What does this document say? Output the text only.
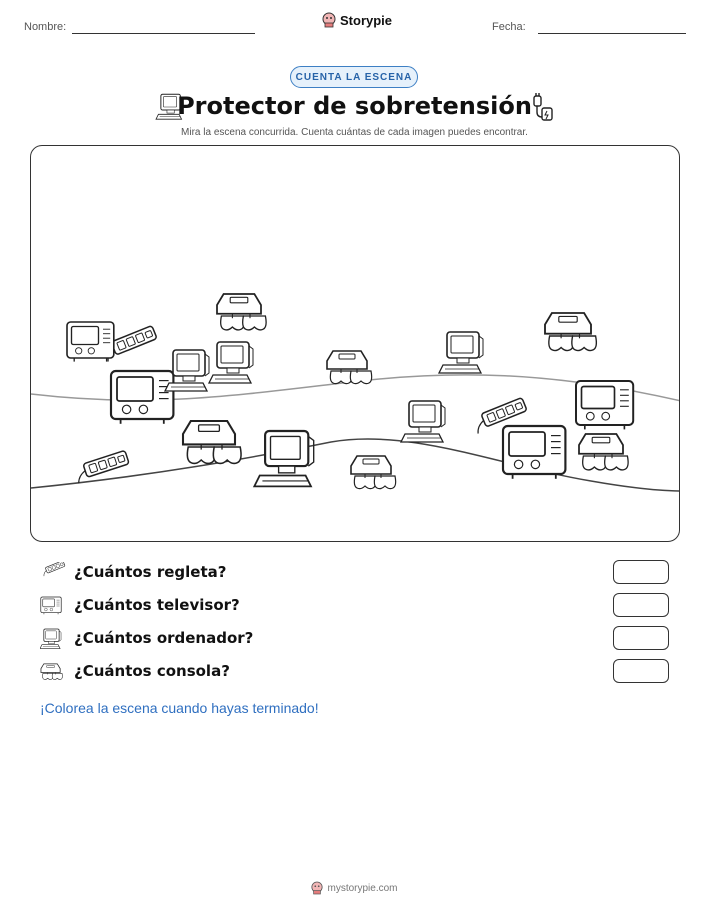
Nombre:	Storypie	Fecha:
CUENTA LA ESCENA
Protector de sobretensión
Mira la escena concurrida. Cuenta cuántas de cada imagen puedes encontrar.
¿Cuántos regleta?
¿Cuántos televisor?
¿Cuántos ordenador?
¿Cuántos consola?
¡Colorea la escena cuando hayas terminado!
mystorypie.com
